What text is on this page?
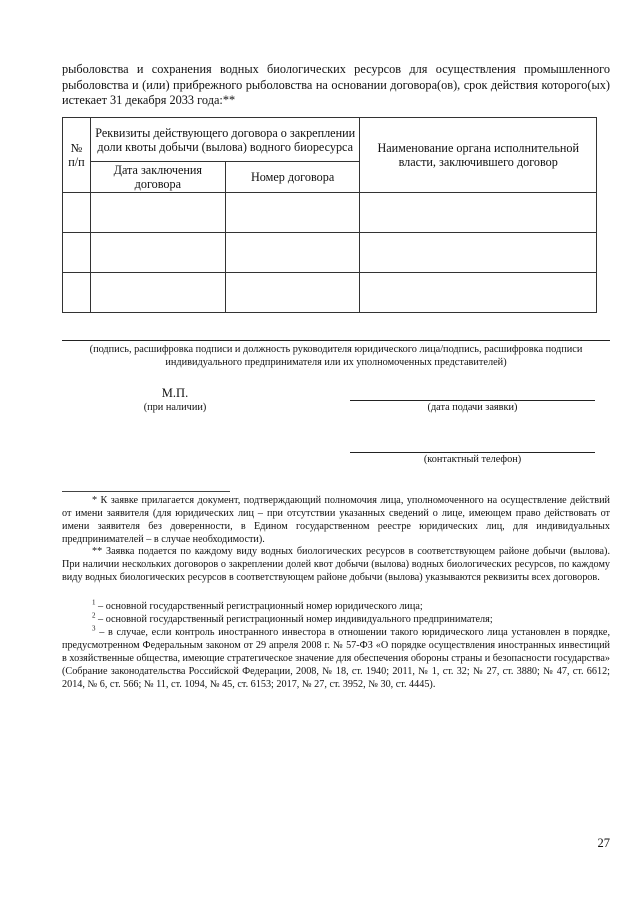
рыболовства и сохранения водных биологических ресурсов для осуществления промышленного рыболовства и (или) прибрежного рыболовства на основании договора(ов), срок действия которого(ых) истекает 31 декабря 2033 года:**

№ п/п	Реквизиты действующего договора о закреплении доли квоты добычи (вылова) водного биоресурса		Наименование органа исполнительной власти, заключившего договор
	Дата заключения договора	Номер договора	

(подпись, расшифровка подписи и должность руководителя юридического лица/подпись, расшифровка подписи индивидуального предпринимателя или их уполномоченных представителей)
М.П.
(при наличии)	(дата подачи заявки)
(контактный телефон)

* К заявке прилагается документ, подтверждающий полномочия лица, уполномоченного на осуществление действий от имени заявителя (для юридических лиц – при отсутствии указанных сведений о лице, имеющем право действовать от имени заявителя без доверенности, в Едином государственном реестре юридических лиц, для индивидуальных предпринимателей – в случае необходимости).

** Заявка подается по каждому виду водных биологических ресурсов в соответствующем районе добычи (вылова). При наличии нескольких договоров о закреплении долей квот добычи (вылова) водных биологических ресурсов, по каждому виду водных биологических ресурсов в соответствующем районе добычи (вылова) указываются реквизиты всех договоров.

$^1$ – основной государственный регистрационный номер юридического лица;

$^2$ – основной государственный регистрационный номер индивидуального предпринимателя;

$^3$ – в случае, если контроль иностранного инвестора в отношении такого юридического лица установлен в порядке, предусмотренном Федеральным законом от 29 апреля 2008 г. № 57-ФЗ «О порядке осуществления иностранных инвестиций в хозяйственные общества, имеющие стратегическое значение для обеспечения обороны страны и безопасности государства» (Собрание законодательства Российской Федерации, 2008, № 18, ст. 1940; 2011, № 1, ст. 32; № 27, ст. 3880; № 47, ст. 6612; 2014, № 6, ст. 566; № 11, ст. 1094, № 45, ст. 6153; 2017, № 27, ст. 3952, № 30, ст. 4445).

27
